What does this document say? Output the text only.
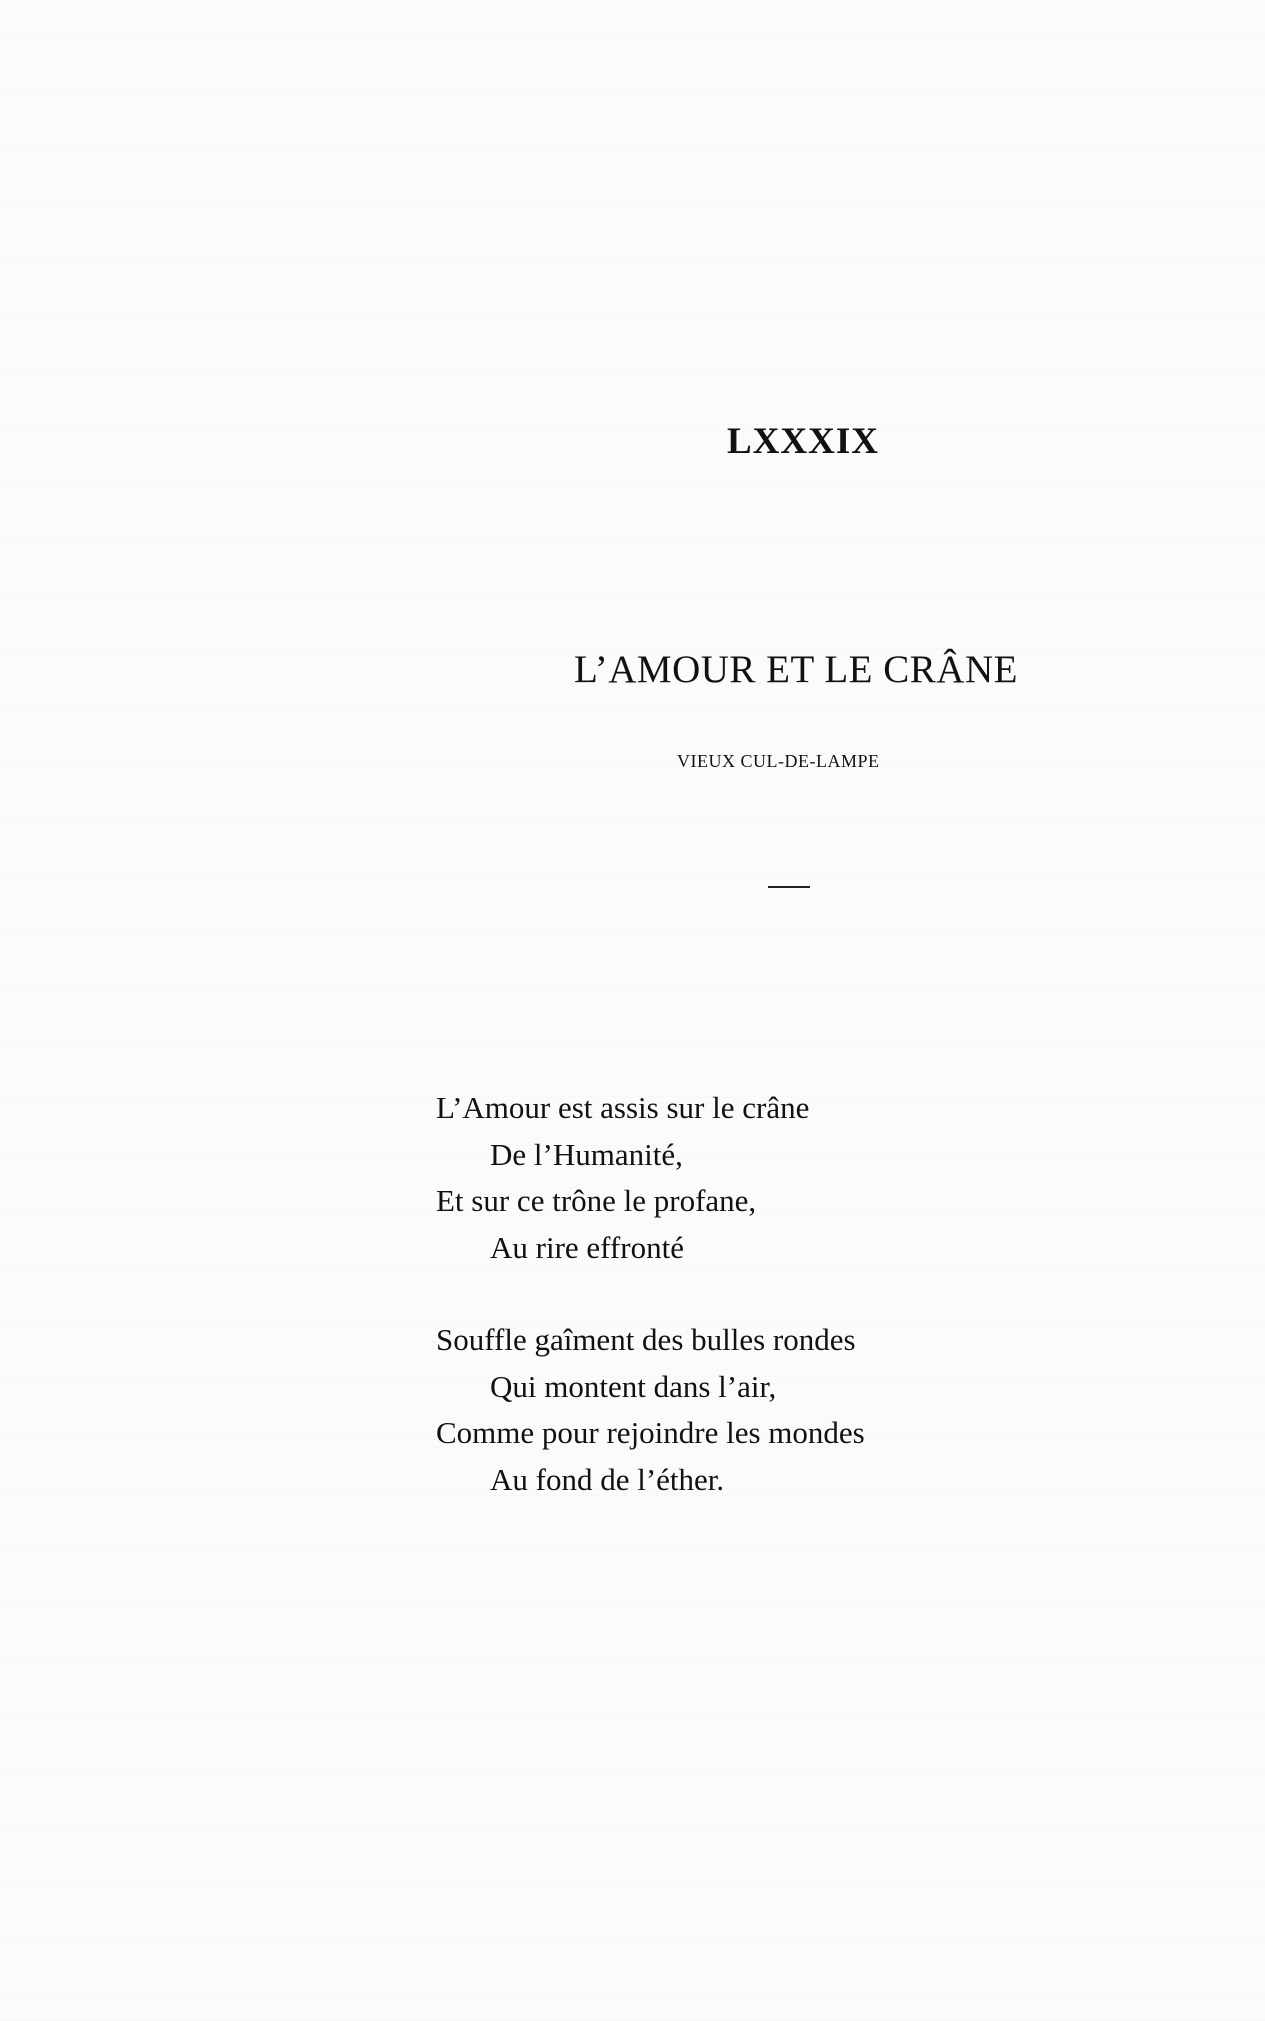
LXXXIX
L’AMOUR ET LE CRÂNE
VIEUX CUL-DE-LAMPE
L’Amour est assis sur le crâne
De l’Humanité,
Et sur ce trône le profane,
Au rire effronté
Souffle gaîment des bulles rondes
Qui montent dans l’air,
Comme pour rejoindre les mondes
Au fond de l’éther.
